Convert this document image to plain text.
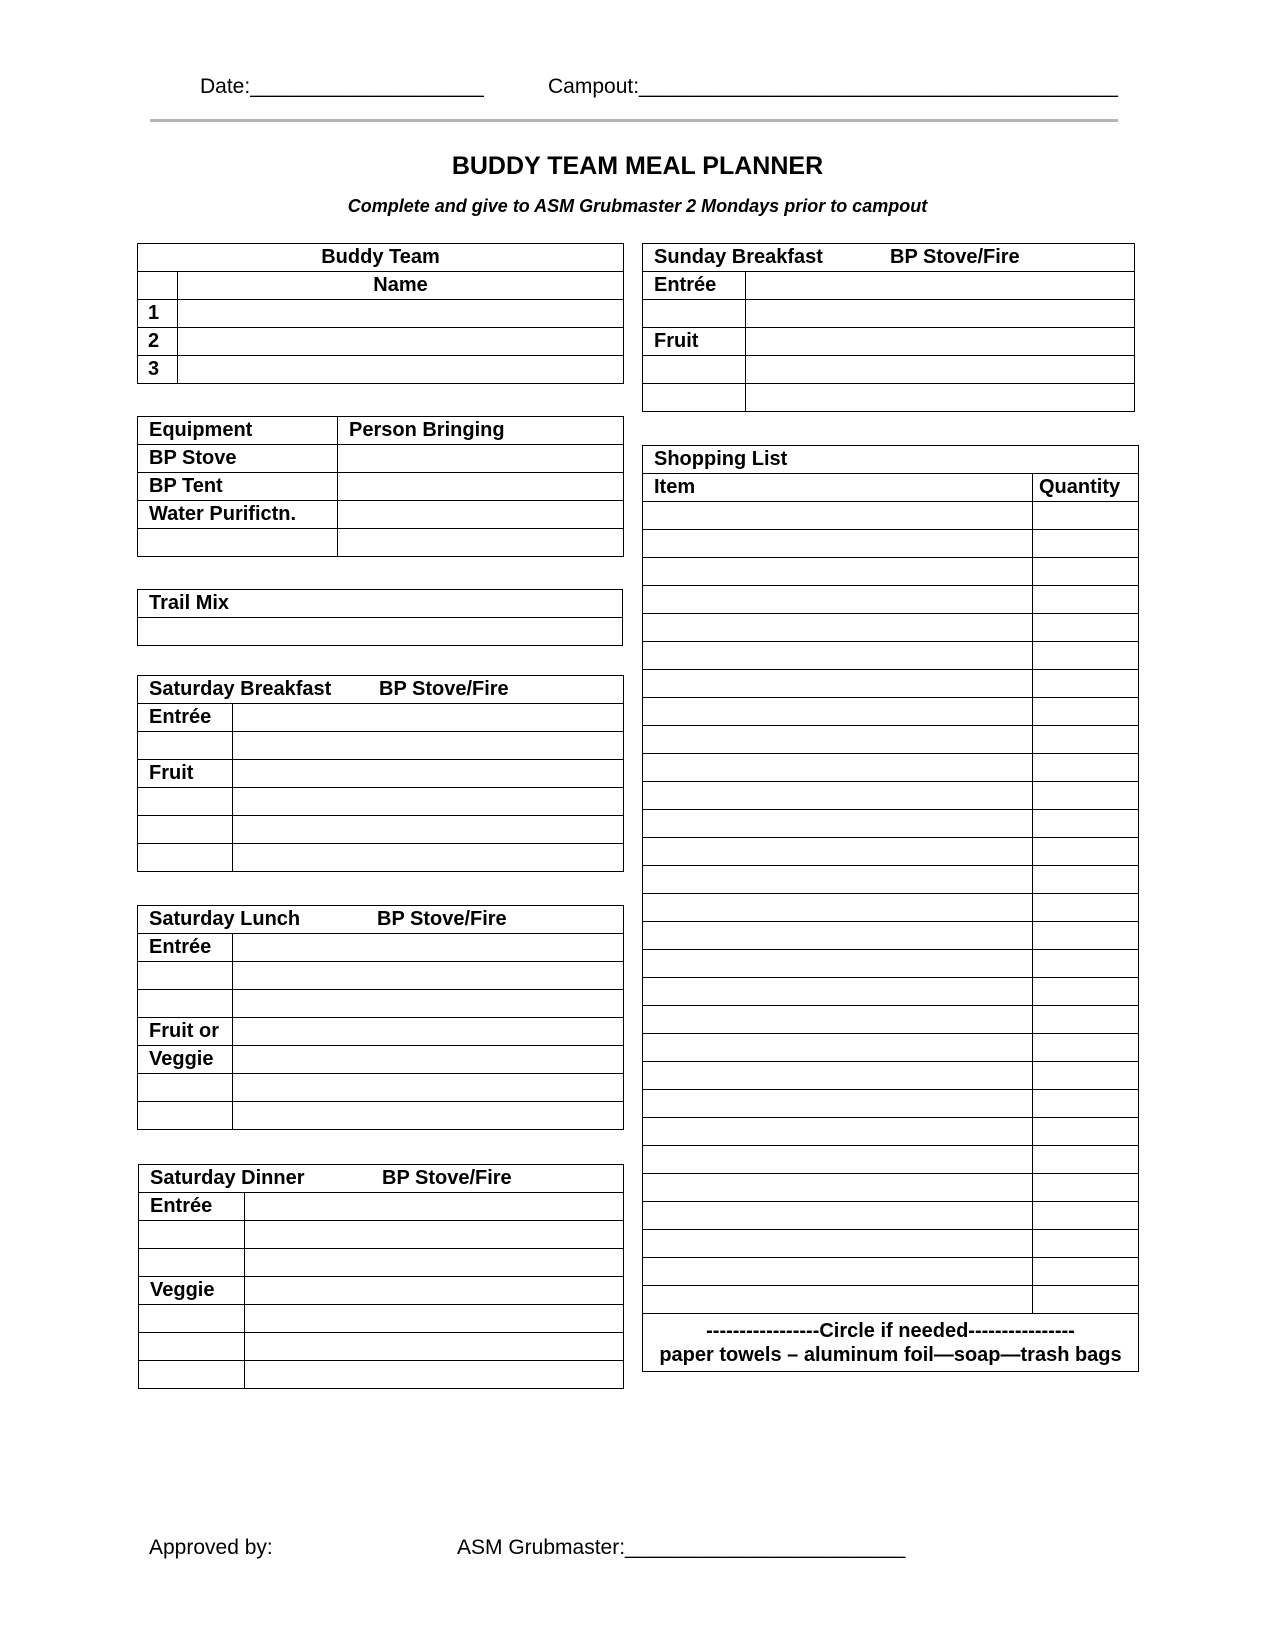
Date:____________________	Campout:_________________________________________
BUDDY TEAM MEAL PLANNER
Complete and give to ASM Grubmaster 2 Mondays prior to campout
Buddy Team	
	Name
1	
2	
3	
Equipment	Person Bringing
BP Stove	
BP Tent	
Water Purifictn.	

Trail Mix

Saturday Breakfast BP Stove/Fire	
Entrée	

Fruit	

Saturday Lunch BP Stove/Fire	
Entrée	

Fruit or	
Veggie	

Saturday Dinner BP Stove/Fire	
Entrée	

Veggie	

Sunday Breakfast BP Stove/Fire	
Entrée	

Fruit	

Shopping List	
Item	Quantity

-----------------Circle if needed----------------
paper towels – aluminum foil—soap—trash bags	
Approved by:	ASM Grubmaster:________________________
